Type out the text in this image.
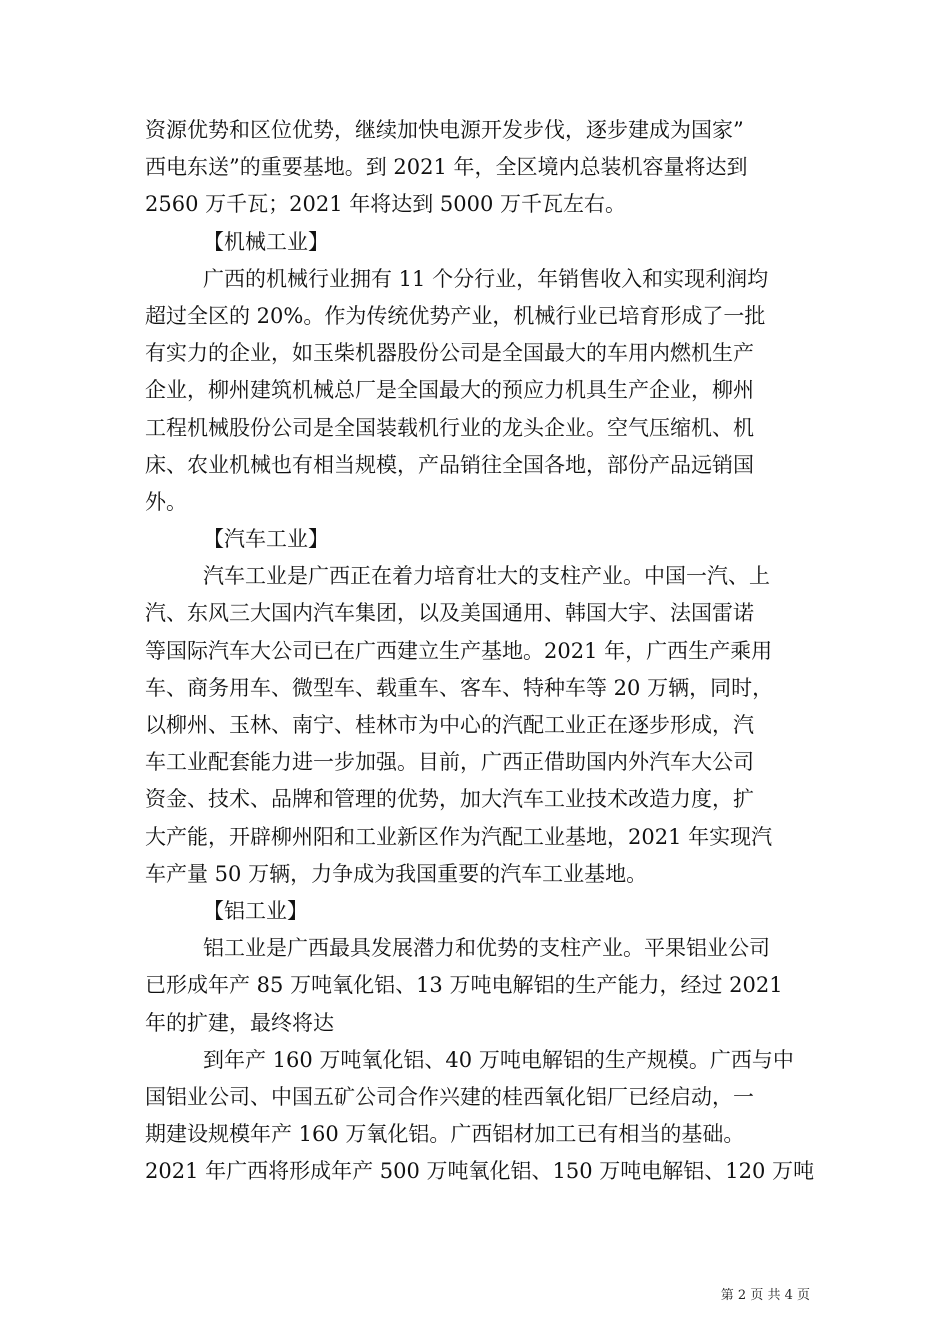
资源优势和区位优势，继续加快电源开发步伐，逐步建成为国家”
西电东送”的重要基地。到 2021 年，全区境内总装机容量将达到
2560 万千瓦；2021 年将达到 5000 万千瓦左右。
【机械工业】
广西的机械行业拥有 11 个分行业，年销售收入和实现利润均
超过全区的 20%。作为传统优势产业，机械行业已培育形成了一批
有实力的企业，如玉柴机器股份公司是全国最大的车用内燃机生产
企业，柳州建筑机械总厂是全国最大的预应力机具生产企业，柳州
工程机械股份公司是全国装载机行业的龙头企业。空气压缩机、机
床、农业机械也有相当规模，产品销往全国各地，部份产品远销国
外。
【汽车工业】
汽车工业是广西正在着力培育壮大的支柱产业。中国一汽、上
汽、东风三大国内汽车集团，以及美国通用、韩国大宇、法国雷诺
等国际汽车大公司已在广西建立生产基地。2021 年，广西生产乘用
车、商务用车、微型车、载重车、客车、特种车等 20 万辆，同时，
以柳州、玉林、南宁、桂林市为中心的汽配工业正在逐步形成，汽
车工业配套能力进一步加强。目前，广西正借助国内外汽车大公司
资金、技术、品牌和管理的优势，加大汽车工业技术改造力度，扩
大产能，开辟柳州阳和工业新区作为汽配工业基地，2021 年实现汽
车产量 50 万辆，力争成为我国重要的汽车工业基地。
【铝工业】
铝工业是广西最具发展潜力和优势的支柱产业。平果铝业公司
已形成年产 85 万吨氧化铝、13 万吨电解铝的生产能力，经过 2021
年的扩建，最终将达
到年产 160 万吨氧化铝、40 万吨电解铝的生产规模。广西与中
国铝业公司、中国五矿公司合作兴建的桂西氧化铝厂已经启动，一
期建设规模年产 160 万氧化铝。广西铝材加工已有相当的基础。
2021 年广西将形成年产 500 万吨氧化铝、150 万吨电解铝、120 万吨
第 2 页 共 4 页
